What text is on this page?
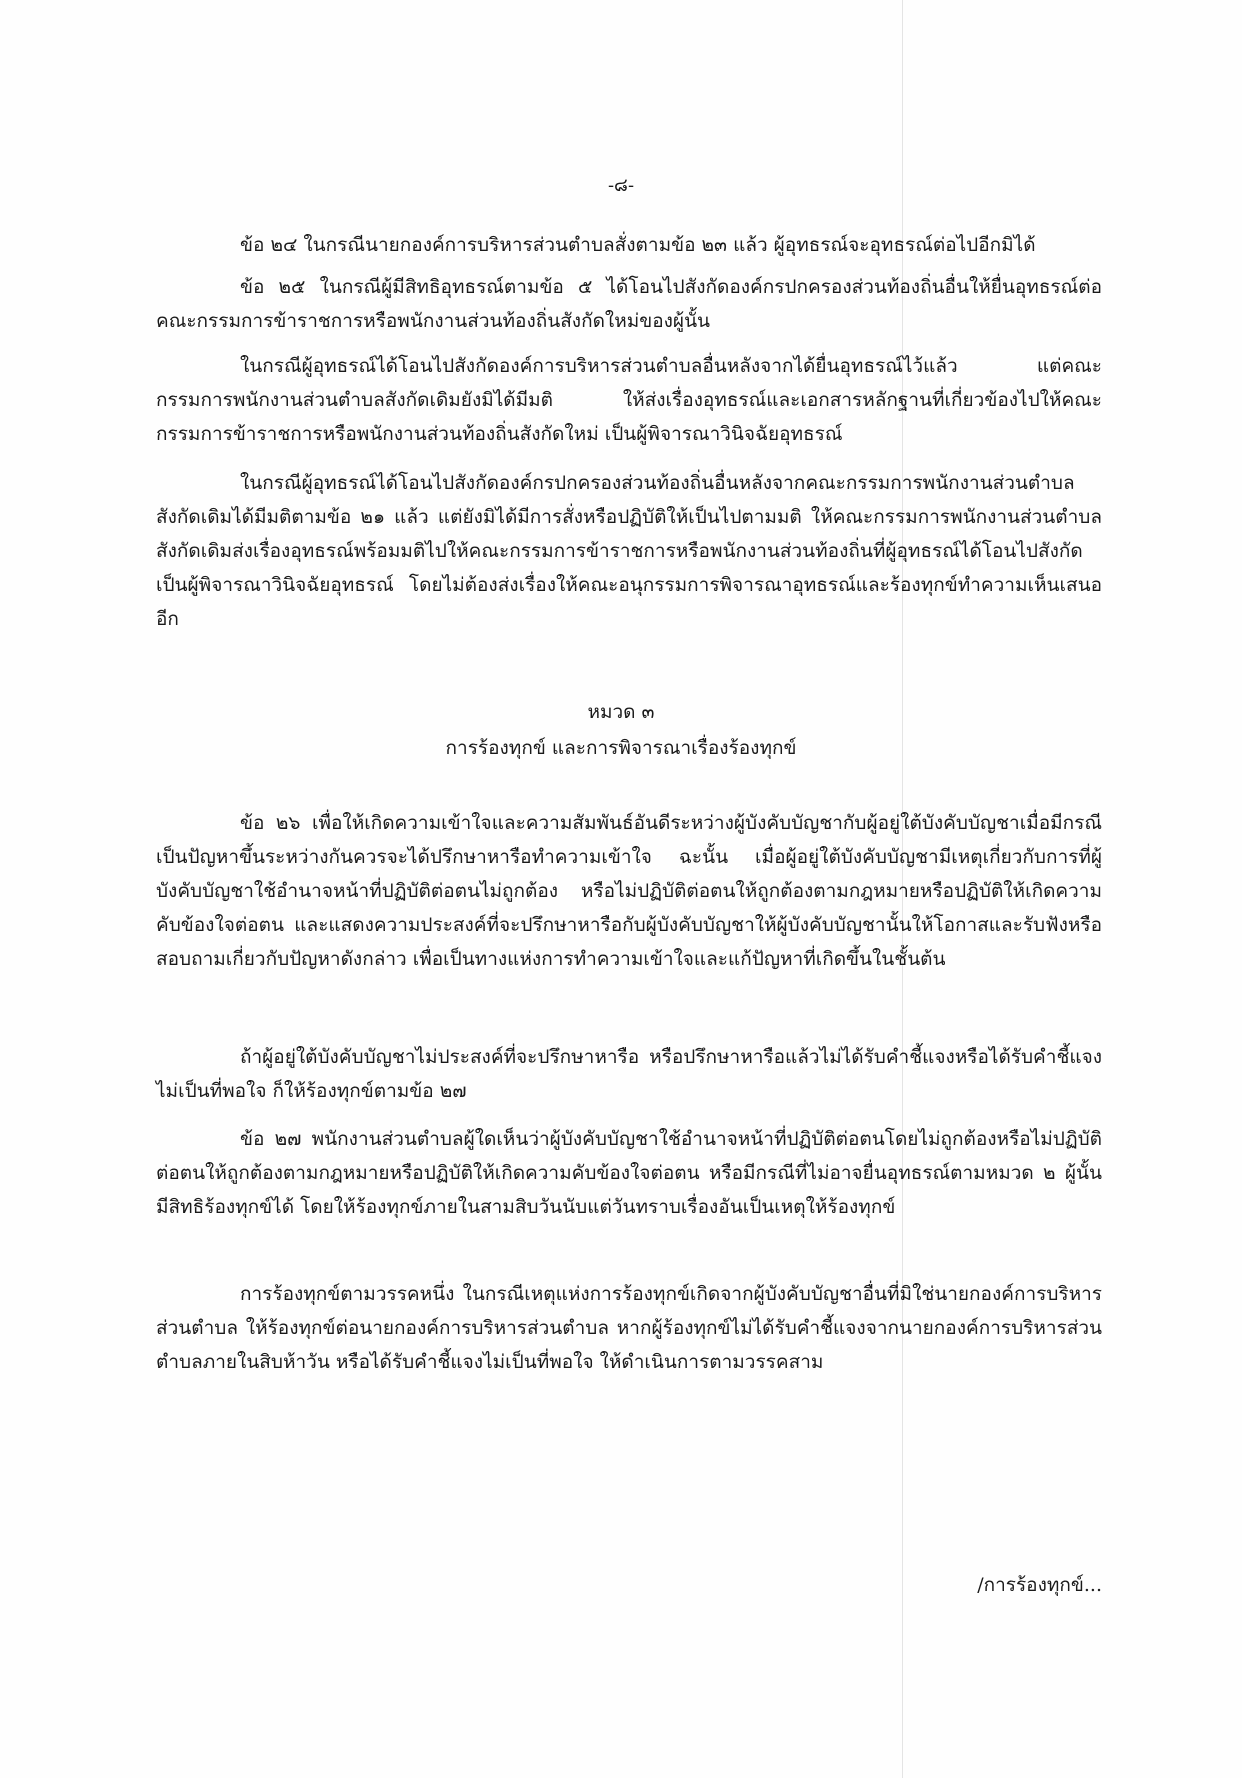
-๘-

ข้อ ๒๔ ในกรณีนายกองค์การบริหารส่วนตำบลสั่งตามข้อ ๒๓ แล้ว ผู้อุทธรณ์จะอุทธรณ์ต่อไปอีกมิได้

ข้อ ๒๕ ในกรณีผู้มีสิทธิอุทธรณ์ตามข้อ ๕ ได้โอนไปสังกัดองค์กรปกครองส่วนท้องถิ่นอื่นให้ยื่นอุทธรณ์ต่อคณะกรรมการข้าราชการหรือพนักงานส่วนท้องถิ่นสังกัดใหม่ของผู้นั้น

ในกรณีผู้อุทธรณ์ได้โอนไปสังกัดองค์การบริหารส่วนตำบลอื่นหลังจากได้ยื่นอุทธรณ์ไว้แล้ว แต่คณะกรรมการพนักงานส่วนตำบลสังกัดเดิมยังมิได้มีมติ ให้ส่งเรื่องอุทธรณ์และเอกสารหลักฐานที่เกี่ยวข้องไปให้คณะกรรมการข้าราชการหรือพนักงานส่วนท้องถิ่นสังกัดใหม่ เป็นผู้พิจารณาวินิจฉัยอุทธรณ์

ในกรณีผู้อุทธรณ์ได้โอนไปสังกัดองค์กรปกครองส่วนท้องถิ่นอื่นหลังจากคณะกรรมการพนักงานส่วนตำบลสังกัดเดิมได้มีมติตามข้อ ๒๑ แล้ว แต่ยังมิได้มีการสั่งหรือปฏิบัติให้เป็นไปตามมติ ให้คณะกรรมการพนักงานส่วนตำบลสังกัดเดิมส่งเรื่องอุทธรณ์พร้อมมติไปให้คณะกรรมการข้าราชการหรือพนักงานส่วนท้องถิ่นที่ผู้อุทธรณ์ได้โอนไปสังกัดเป็นผู้พิจารณาวินิจฉัยอุทธรณ์ โดยไม่ต้องส่งเรื่องให้คณะอนุกรรมการพิจารณาอุทธรณ์และร้องทุกข์ทำความเห็นเสนออีก

หมวด ๓

การร้องทุกข์ และการพิจารณาเรื่องร้องทุกข์

ข้อ ๒๖ เพื่อให้เกิดความเข้าใจและความสัมพันธ์อันดีระหว่างผู้บังคับบัญชากับผู้อยู่ใต้บังคับบัญชาเมื่อมีกรณีเป็นปัญหาขึ้นระหว่างกันควรจะได้ปรึกษาหารือทำความเข้าใจ ฉะนั้น เมื่อผู้อยู่ใต้บังคับบัญชามีเหตุเกี่ยวกับการที่ผู้บังคับบัญชาใช้อำนาจหน้าที่ปฏิบัติต่อตนไม่ถูกต้อง หรือไม่ปฏิบัติต่อตนให้ถูกต้องตามกฎหมายหรือปฏิบัติให้เกิดความคับข้องใจต่อตน และแสดงความประสงค์ที่จะปรึกษาหารือกับผู้บังคับบัญชาให้ผู้บังคับบัญชานั้นให้โอกาสและรับฟังหรือสอบถามเกี่ยวกับปัญหาดังกล่าว เพื่อเป็นทางแห่งการทำความเข้าใจและแก้ปัญหาที่เกิดขึ้นในชั้นต้น

ถ้าผู้อยู่ใต้บังคับบัญชาไม่ประสงค์ที่จะปรึกษาหารือ หรือปรึกษาหารือแล้วไม่ได้รับคำชี้แจงหรือได้รับคำชี้แจงไม่เป็นที่พอใจ ก็ให้ร้องทุกข์ตามข้อ ๒๗

ข้อ ๒๗ พนักงานส่วนตำบลผู้ใดเห็นว่าผู้บังคับบัญชาใช้อำนาจหน้าที่ปฏิบัติต่อตนโดยไม่ถูกต้องหรือไม่ปฏิบัติต่อตนให้ถูกต้องตามกฎหมายหรือปฏิบัติให้เกิดความคับข้องใจต่อตน หรือมีกรณีที่ไม่อาจยื่นอุทธรณ์ตามหมวด ๒ ผู้นั้นมีสิทธิร้องทุกข์ได้ โดยให้ร้องทุกข์ภายในสามสิบวันนับแต่วันทราบเรื่องอันเป็นเหตุให้ร้องทุกข์

การร้องทุกข์ตามวรรคหนึ่ง ในกรณีเหตุแห่งการร้องทุกข์เกิดจากผู้บังคับบัญชาอื่นที่มิใช่นายกองค์การบริหารส่วนตำบล ให้ร้องทุกข์ต่อนายกองค์การบริหารส่วนตำบล หากผู้ร้องทุกข์ไม่ได้รับคำชี้แจงจากนายกองค์การบริหารส่วนตำบลภายในสิบห้าวัน หรือได้รับคำชี้แจงไม่เป็นที่พอใจ ให้ดำเนินการตามวรรคสาม

/การร้องทุกข์...
